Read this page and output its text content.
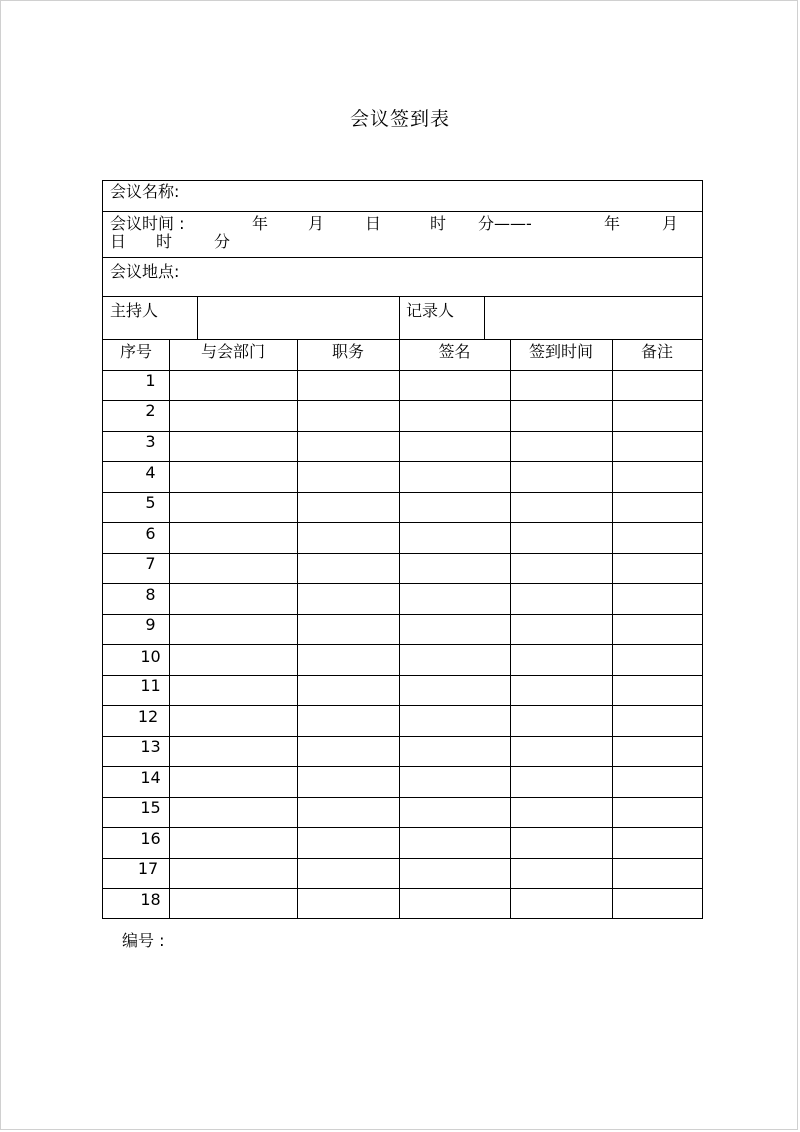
会议签到表
会议名称:
会议时间 :	年 月	日	时 分——-	年	月
日 时	分
会议地点:
主持人	记录人
序号	与会部门	职务	签名	签到时间	备注
1
2
3
4
5
6
7
8
9
10
11
12
13
14
15
16
17
18
编号 :
